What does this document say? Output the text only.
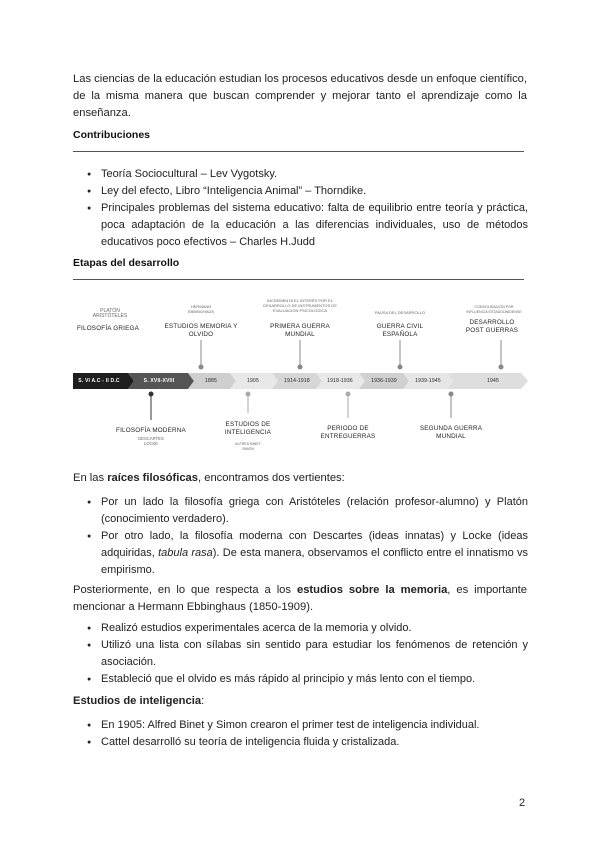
Las ciencias de la educación estudian los procesos educativos desde un enfoque científico, de la misma manera que buscan comprender y mejorar tanto el aprendizaje como la enseñanza.

Contribuciones

● Teoría Sociocultural – Lev Vygotsky.
● Ley del efecto, Libro “Inteligencia Animal” – Thorndike.
● Principales problemas del sistema educativo: falta de equilibrio entre teoría y práctica, poca adaptación de la educación a las diferencias individuales, uso de métodos educativos poco efectivos – Charles H.Judd

Etapas del desarrollo

S. VI A.C - II D.C	S. XVII-XVIII	1885	1905	1914-1918	1918-1936	1936-1939	1939-1945	1945
PLATÓN
ARISTÓTELES
FILOSOFÍA GRIEGA
HERMANN
EBBINGHAUS
ESTUDIOS MEMORIA Y
OLVIDO
INCREMENTA EL INTERÉS POR EL
DESARROLLO DE INSTRUMENTOS DE
EVALUACIÓN PSICOLÓGICA
PRIMERA GUERRA
MUNDIAL
PAUSA DEL DESARROLLO
GUERRA CIVIL
ESPAÑOLA
CONSOLIDACIÓN POR
INFLUENCIA ESTADOUNIDENSE
DESARROLLO
POST GUERRAS
FILOSOFÍA MODERNA
DESCARTES
LOCKE
ESTUDIOS DE
INTELIGENCIA
ALFRED BINET
SIMON
PERIODO DE
ENTREGUERRAS
SEGUNDA GUERRA
MUNDIAL

En las raíces filosóficas, encontramos dos vertientes:

● Por un lado la filosofía griega con Aristóteles (relación profesor-alumno) y Platón (conocimiento verdadero).
● Por otro lado, la filosofía moderna con Descartes (ideas innatas) y Locke (ideas adquiridas, tabula rasa). De esta manera, observamos el conflicto entre el innatismo vs empirismo.

Posteriormente, en lo que respecta a los estudios sobre la memoria, es importante mencionar a Hermann Ebbinghaus (1850-1909).

● Realizó estudios experimentales acerca de la memoria y olvido.
● Utilizó una lista con sílabas sin sentido para estudiar los fenómenos de retención y asociación.
● Estableció que el olvido es más rápido al principio y más lento con el tiempo.

Estudios de inteligencia:

● En 1905: Alfred Binet y Simon crearon el primer test de inteligencia individual.
● Cattel desarrolló su teoría de inteligencia fluida y cristalizada.
2
